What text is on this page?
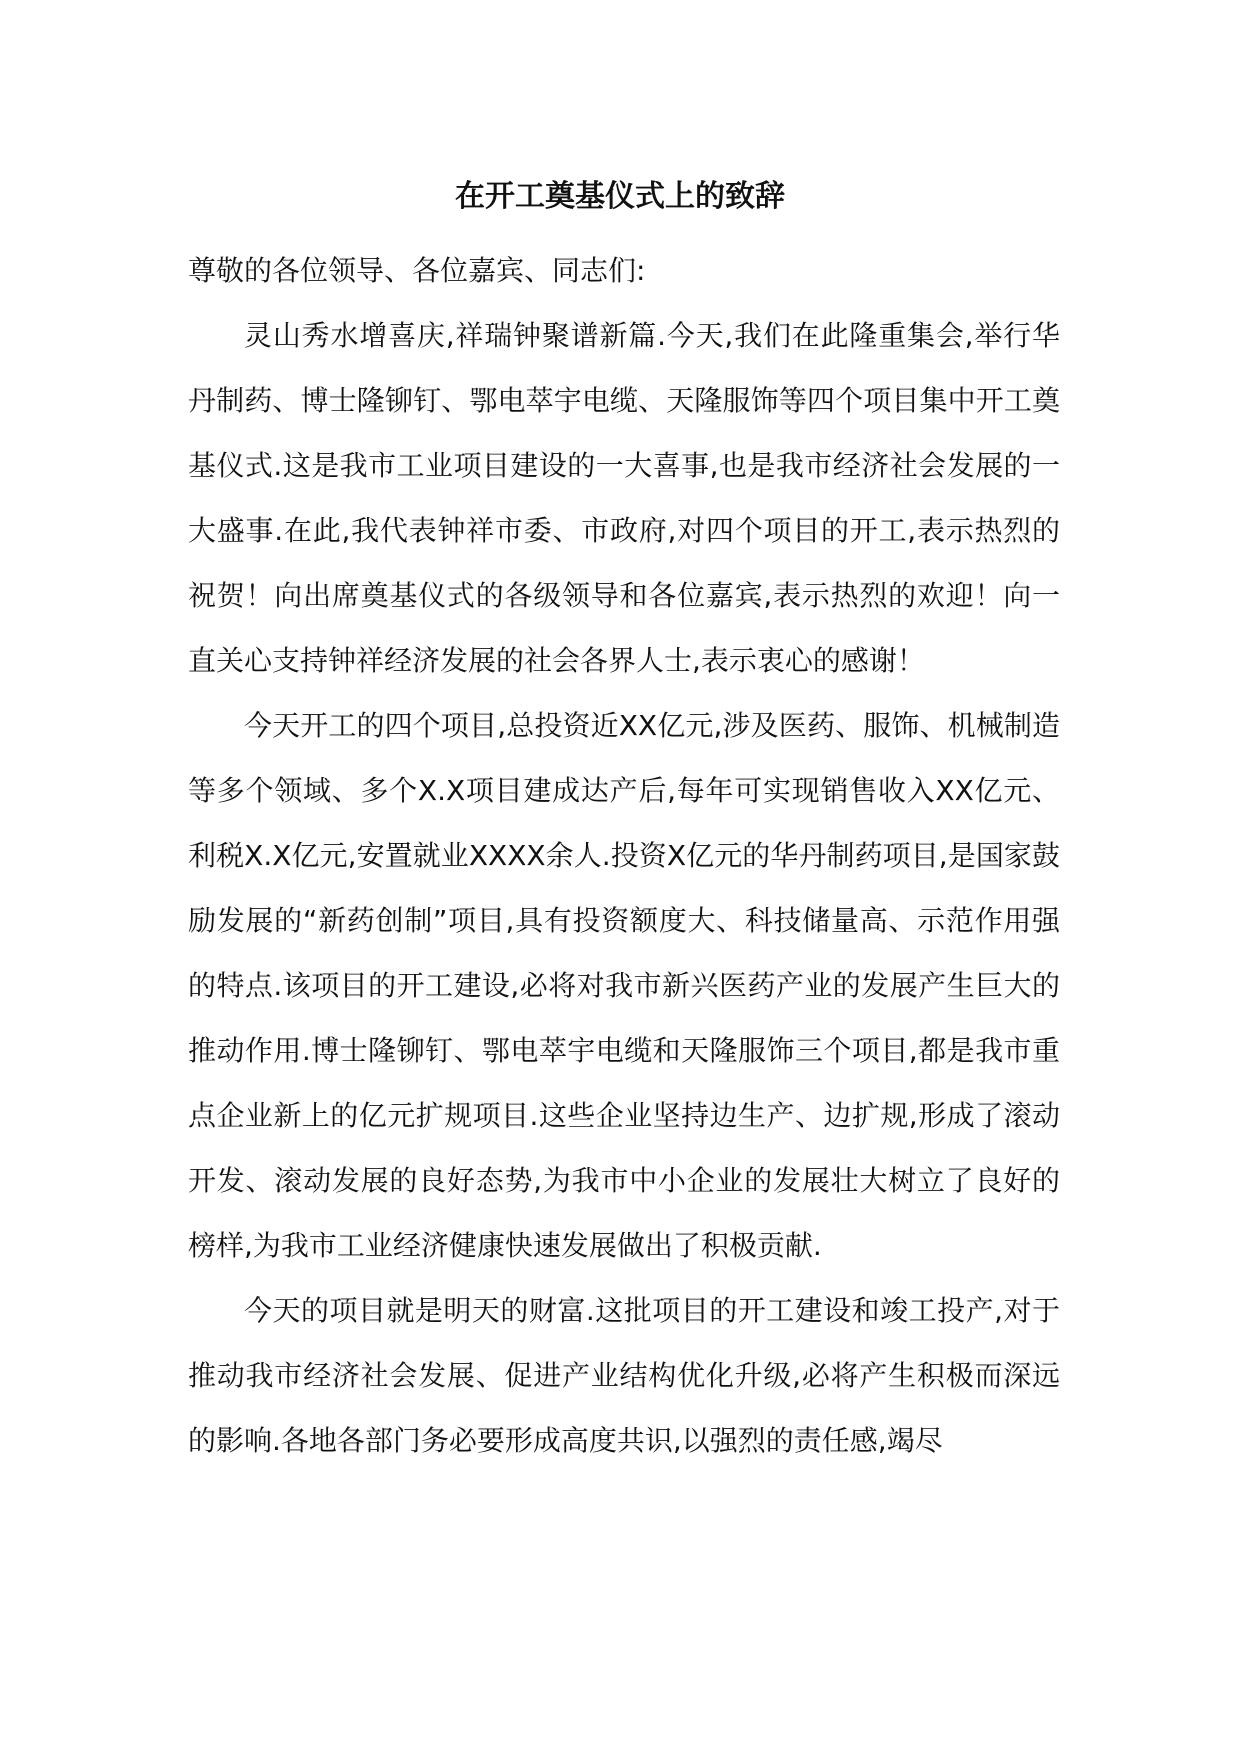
在开工奠基仪式上的致辞

尊敬的各位领导、各位嘉宾、同志们:

灵山秀水增喜庆,祥瑞钟聚谱新篇.今天,我们在此隆重集会,举行华丹制药、博士隆铆钉、鄂电萃宇电缆、天隆服饰等四个项目集中开工奠基仪式.这是我市工业项目建设的一大喜事,也是我市经济社会发展的一大盛事.在此,我代表钟祥市委、市政府,对四个项目的开工,表示热烈的祝贺！向出席奠基仪式的各级领导和各位嘉宾,表示热烈的欢迎！向一直关心支持钟祥经济发展的社会各界人士,表示衷心的感谢！

今天开工的四个项目,总投资近XX亿元,涉及医药、服饰、机械制造等多个领域、多个X.X项目建成达产后,每年可实现销售收入XX亿元、利税X.X亿元,安置就业XXXX余人.投资X亿元的华丹制药项目,是国家鼓励发展的“新药创制”项目,具有投资额度大、科技储量高、示范作用强的特点.该项目的开工建设,必将对我市新兴医药产业的发展产生巨大的推动作用.博士隆铆钉、鄂电萃宇电缆和天隆服饰三个项目,都是我市重点企业新上的亿元扩规项目.这些企业坚持边生产、边扩规,形成了滚动开发、滚动发展的良好态势,为我市中小企业的发展壮大树立了良好的榜样,为我市工业经济健康快速发展做出了积极贡献.

今天的项目就是明天的财富.这批项目的开工建设和竣工投产,对于推动我市经济社会发展、促进产业结构优化升级,必将产生积极而深远的影响.各地各部门务必要形成高度共识,以强烈的责任感,竭尽
